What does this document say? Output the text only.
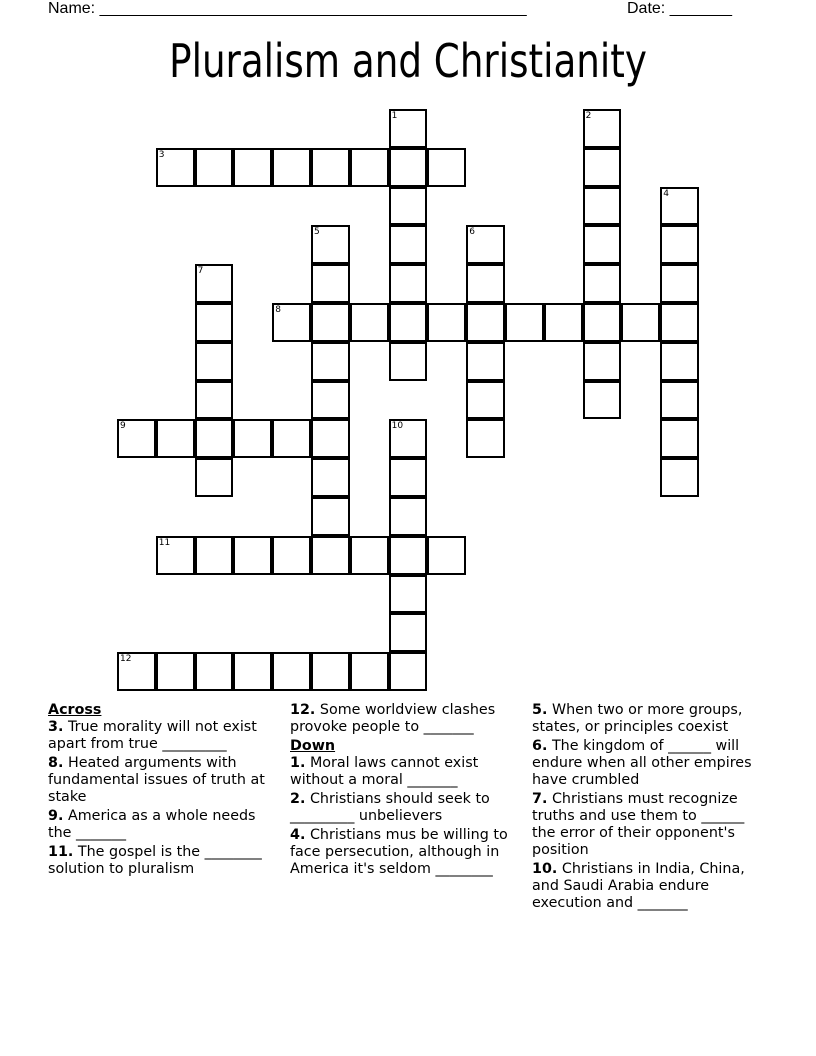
Name: ________________________________________________	Date: _______
Pluralism and Christianity
1	2
3
4
5	6
7
8
9	10
11
12
Across
3. True morality will not exist apart from true _________
8. Heated arguments with fundamental issues of truth at stake
9. America as a whole needs the _______
11. The gospel is the ________ solution to pluralism
12. Some worldview clashes provoke people to _______
Down
1. Moral laws cannot exist without a moral _______
2. Christians should seek to _________ unbelievers
4. Christians mus be willing to face persecution, although in America it's seldom ________
5. When two or more groups, states, or principles coexist
6. The kingdom of ______ will endure when all other empires have crumbled
7. Christians must recognize truths and use them to ______ the error of their opponent's position
10. Christians in India, China, and Saudi Arabia endure execution and _______
